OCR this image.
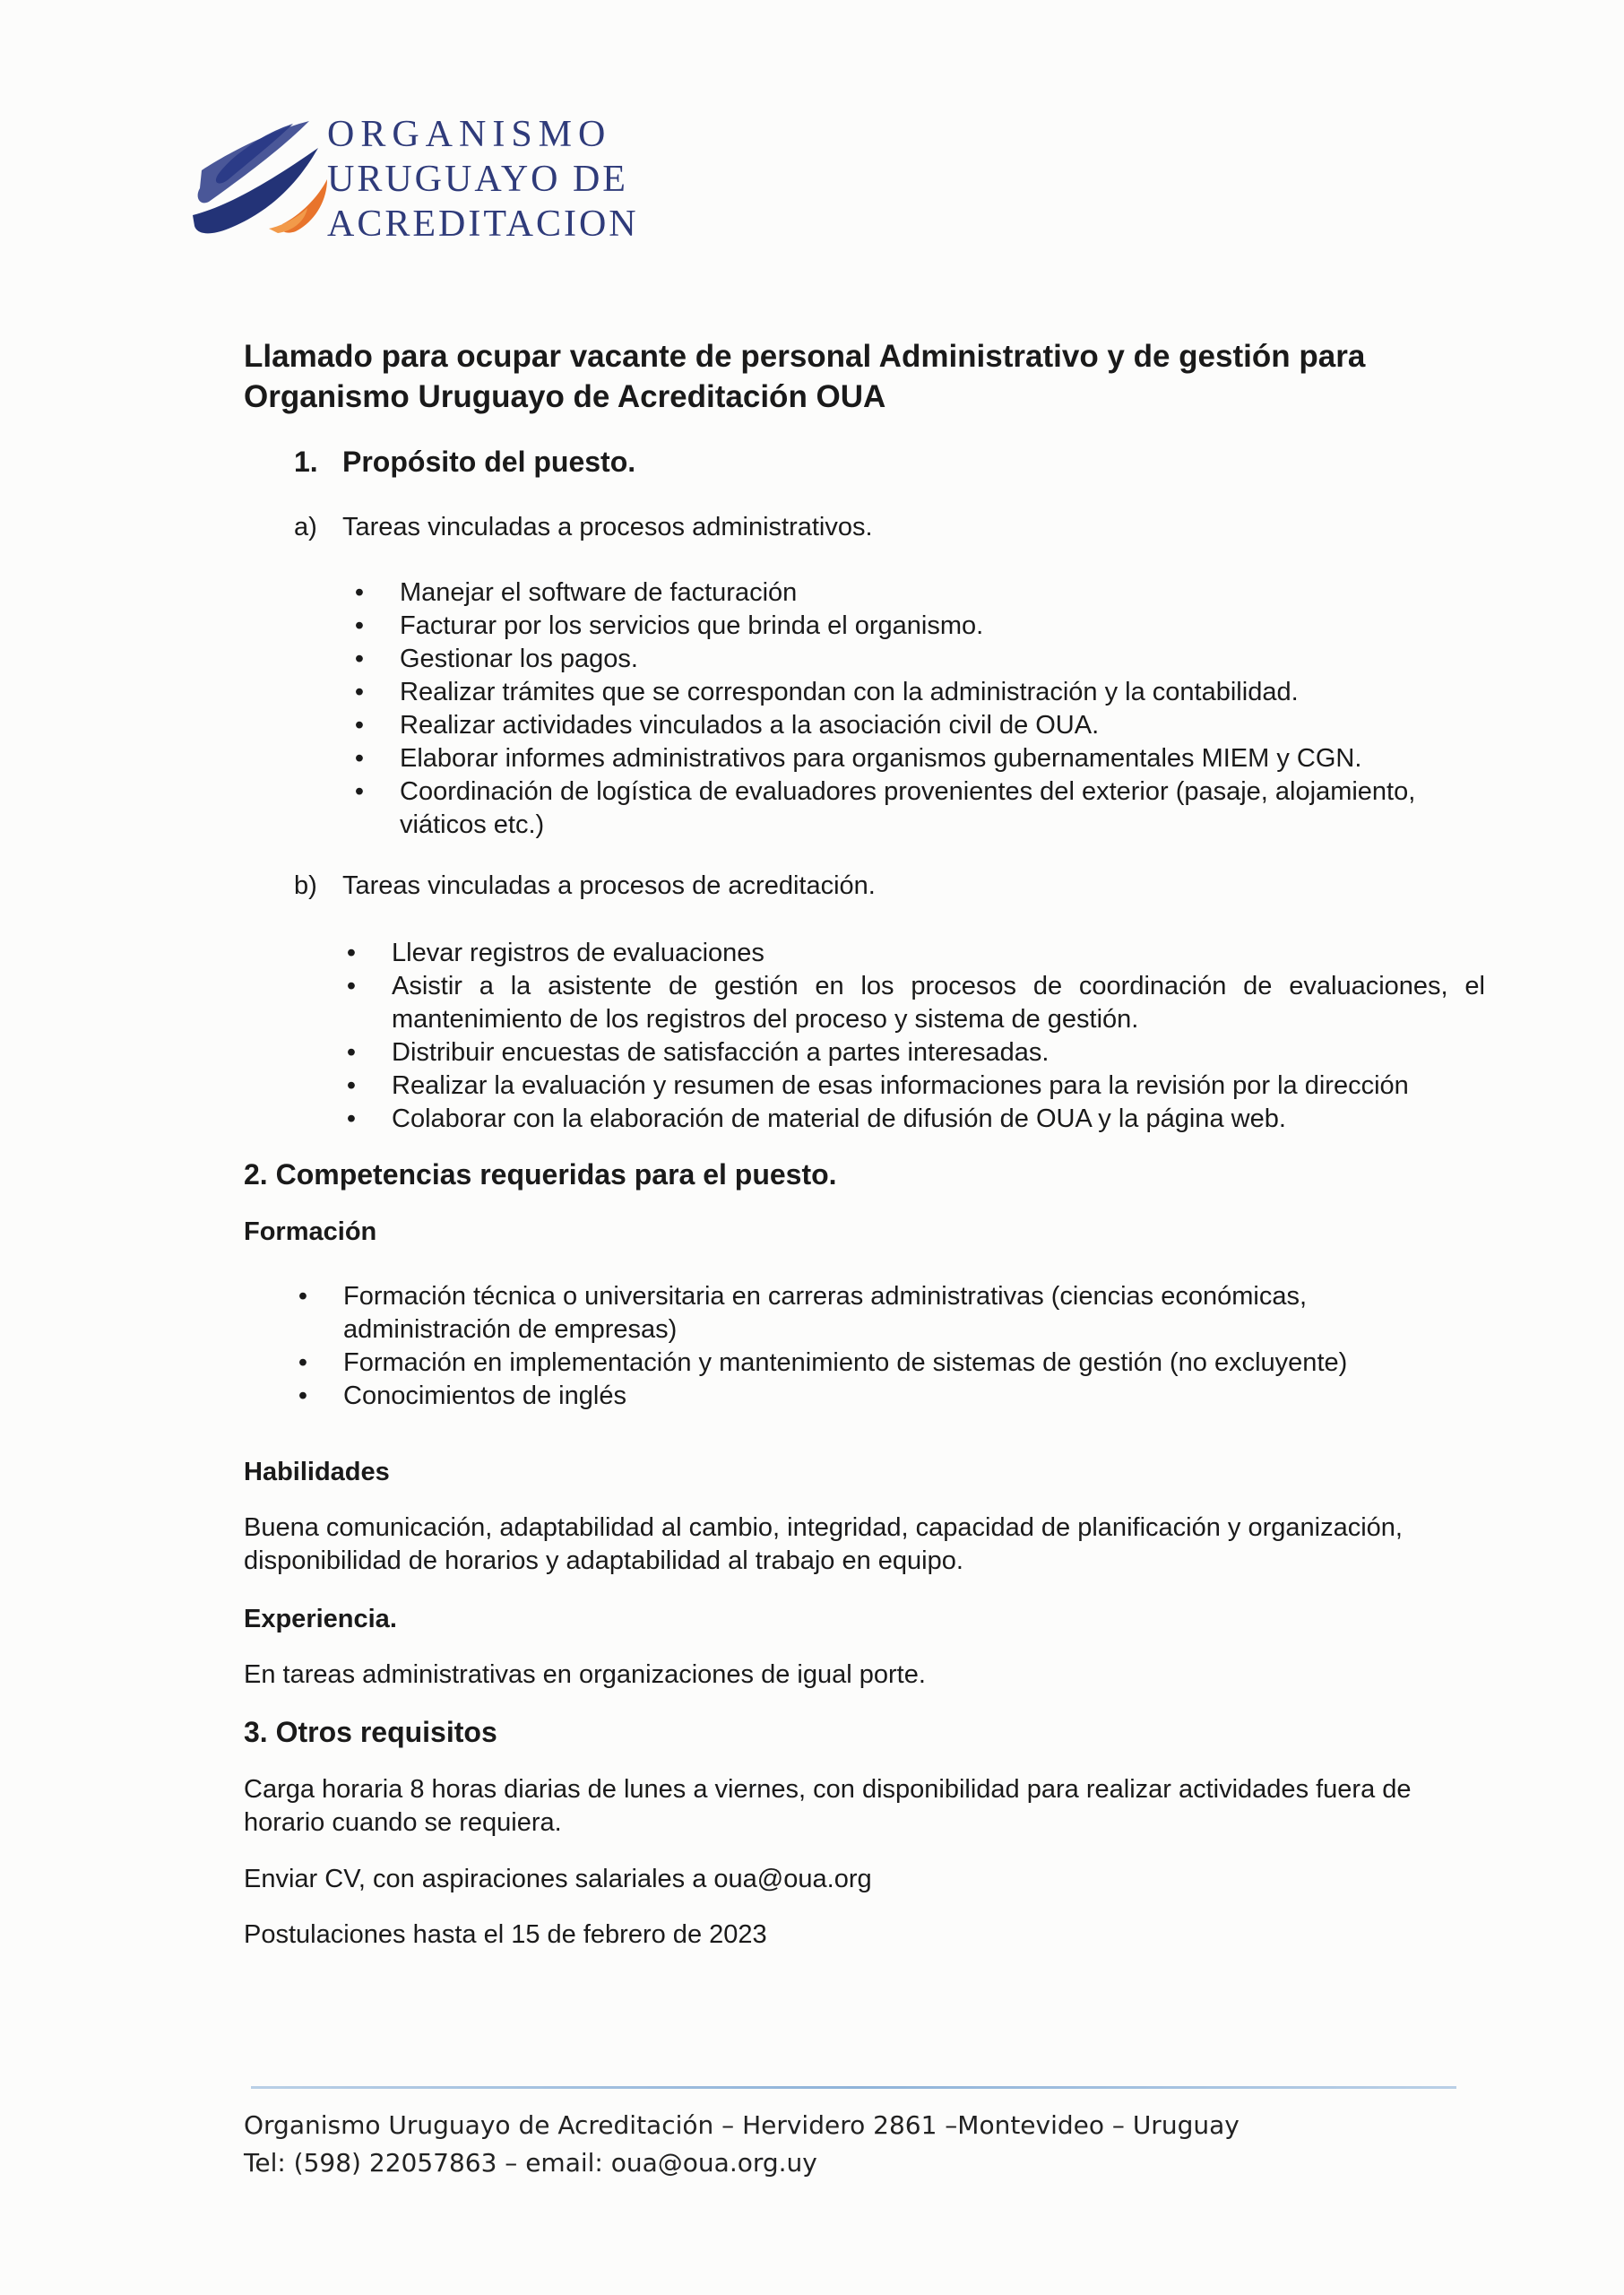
ORGANISMO
URUGUAYO DE
ACREDITACION
Llamado para ocupar vacante de personal Administrativo y de gestión para
Organismo Uruguayo de Acreditación OUA
1. Propósito del puesto.
a) Tareas vinculadas a procesos administrativos.
•	Manejar el software de facturación
•	Facturar por los servicios que brinda el organismo.
•	Gestionar los pagos.
•	Realizar trámites que se correspondan con la administración y la contabilidad.
•	Realizar actividades vinculados a la asociación civil de OUA.
•	Elaborar informes administrativos para organismos gubernamentales MIEM y CGN.
•	Coordinación de logística de evaluadores provenientes del exterior (pasaje, alojamiento, viáticos etc.)
b) Tareas vinculadas a procesos de acreditación.
•	Llevar registros de evaluaciones
•	Asistir a la asistente de gestión en los procesos de coordinación de evaluaciones, el mantenimiento de los registros del proceso y sistema de gestión.
•	Distribuir encuestas de satisfacción a partes interesadas.
•	Realizar la evaluación y resumen de esas informaciones para la revisión por la dirección
•	Colaborar con la elaboración de material de difusión de OUA y la página web.
2. Competencias requeridas para el puesto.
Formación
•	Formación técnica o universitaria en carreras administrativas (ciencias económicas, administración de empresas)
•	Formación en implementación y mantenimiento de sistemas de gestión (no excluyente)
•	Conocimientos de inglés
Habilidades
Buena comunicación, adaptabilidad al cambio, integridad, capacidad de planificación y organización, disponibilidad de horarios y adaptabilidad al trabajo en equipo.
Experiencia.
En tareas administrativas en organizaciones de igual porte.
3. Otros requisitos
Carga horaria 8 horas diarias de lunes a viernes, con disponibilidad para realizar actividades fuera de horario cuando se requiera.
Enviar CV, con aspiraciones salariales a oua@oua.org
Postulaciones hasta el 15 de febrero de 2023
Organismo Uruguayo de Acreditación – Hervidero 2861 –Montevideo – Uruguay
Tel: (598) 22057863 – email: oua@oua.org.uy
